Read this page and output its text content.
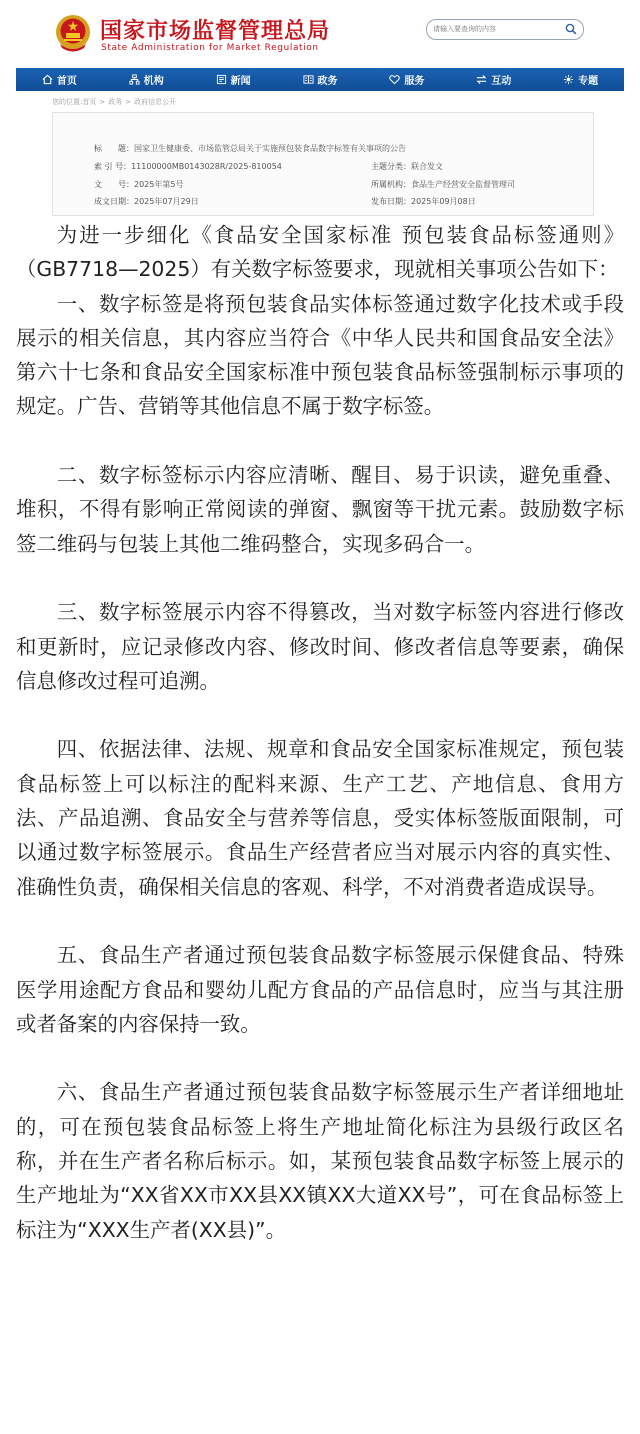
国家市场监督管理总局
State Administration for Market Regulation
请输入要查询的内容
首页	机构	新闻	政务	服务	互动	专题
您的位置:首页 > 政务 > 政府信息公开
标　　题：国家卫生健康委、市场监管总局关于实施预包装食品数字标签有关事项的公告
索 引 号：11100000MB0143028R/2025-810054	主题分类：联合发文
文　　号：2025年第5号	所属机构：食品生产经营安全监督管理司
成文日期：2025年07月29日	发布日期：2025年09月08日

为进一步细化《食品安全国家标准 预包装食品标签通则》（GB7718—2025）有关数字标签要求，现就相关事项公告如下：

一、数字标签是将预包装食品实体标签通过数字化技术或手段展示的相关信息，其内容应当符合《中华人民共和国食品安全法》第六十七条和食品安全国家标准中预包装食品标签强制标示事项的规定。广告、营销等其他信息不属于数字标签。

二、数字标签标示内容应清晰、醒目、易于识读，避免重叠、堆积，不得有影响正常阅读的弹窗、飘窗等干扰元素。鼓励数字标签二维码与包装上其他二维码整合，实现多码合一。

三、数字标签展示内容不得篡改，当对数字标签内容进行修改和更新时，应记录修改内容、修改时间、修改者信息等要素，确保信息修改过程可追溯。

四、依据法律、法规、规章和食品安全国家标准规定，预包装食品标签上可以标注的配料来源、生产工艺、产地信息、食用方法、产品追溯、食品安全与营养等信息，受实体标签版面限制，可以通过数字标签展示。食品生产经营者应当对展示内容的真实性、准确性负责，确保相关信息的客观、科学，不对消费者造成误导。

五、食品生产者通过预包装食品数字标签展示保健食品、特殊医学用途配方食品和婴幼儿配方食品的产品信息时，应当与其注册或者备案的内容保持一致。

六、食品生产者通过预包装食品数字标签展示生产者详细地址的，可在预包装食品标签上将生产地址简化标注为县级行政区名称，并在生产者名称后标示。如，某预包装食品数字标签上展示的生产地址为“XX省XX市XX县XX镇XX大道XX号”，可在食品标签上标注为“XXX生产者(XX县)”。
